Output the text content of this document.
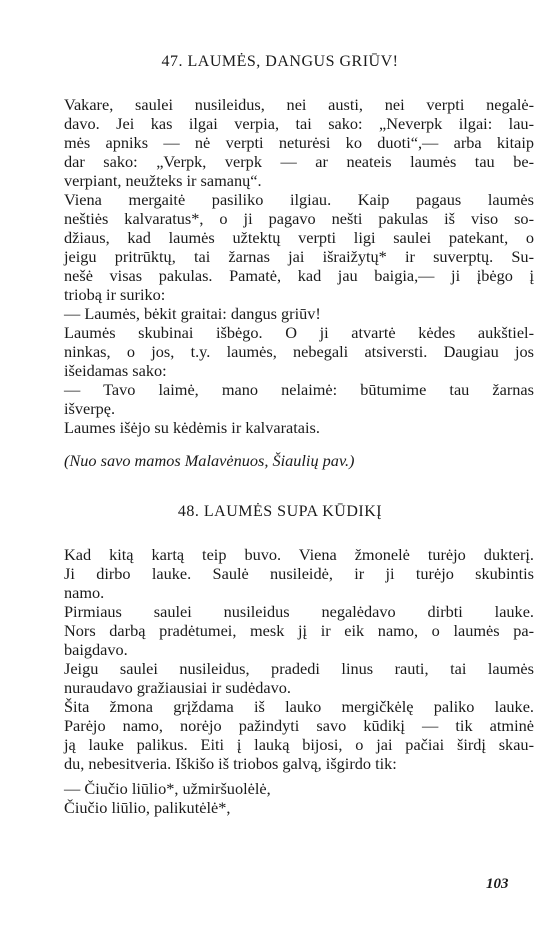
47. LAUMĖS, DANGUS GRIŪV!
Vakare, saulei nusileidus, nei austi, nei verpti negalė-
davo. Jei kas ilgai verpia, tai sako: „Neverpk ilgai: lau-
mės apniks — nė verpti neturėsi ko duoti“,— arba kitaip
dar sako: „Verpk, verpk — ar neateis laumės tau be-
verpiant, neužteks ir samanų“.
Viena mergaitė pasiliko ilgiau. Kaip pagaus laumės
neštiės kalvaratus*, o ji pagavo nešti pakulas iš viso so-
džiaus, kad laumės užtektų verpti ligi saulei patekant, o
jeigu pritrūktų, tai žarnas jai išraižytų* ir suverptų. Su-
nešė visas pakulas. Pamatė, kad jau baigia,— ji įbėgo į
triobą ir suriko:
— Laumės, bėkit graitai: dangus griūv!
Laumės skubinai išbėgo. O ji atvartė kėdes aukštiel-
ninkas, o jos, t.y. laumės, nebegali atsiversti. Daugiau jos
išeidamas sako:
— Tavo laimė, mano nelaimė: būtumime tau žarnas
išverpę.
Laumes išėjo su kėdėmis ir kalvaratais.
(Nuo savo mamos Malavėnuos, Šiaulių pav.)
48. LAUMĖS SUPA KŪDIKĮ
Kad kitą kartą teip buvo. Viena žmonelė turėjo dukterį.
Ji dirbo lauke. Saulė nusileidė, ir ji turėjo skubintis
namo.
Pirmiaus saulei nusileidus negalėdavo dirbti lauke.
Nors darbą pradėtumei, mesk jį ir eik namo, o laumės pa-
baigdavo.
Jeigu saulei nusileidus, pradedi linus rauti, tai laumės
nuraudavo gražiausiai ir sudėdavo.
Šita žmona grįždama iš lauko mergičkėlę paliko lauke.
Parėjo namo, norėjo pažindyti savo kūdikį — tik atminė
ją lauke palikus. Eiti į lauką bijosi, o jai pačiai širdį skau-
du, nebesitveria. Iškišo iš triobos galvą, išgirdo tik:
— Čiučio liūlio*, užmiršuolėlė,
Čiučio liūlio, palikutėlė*,
103
